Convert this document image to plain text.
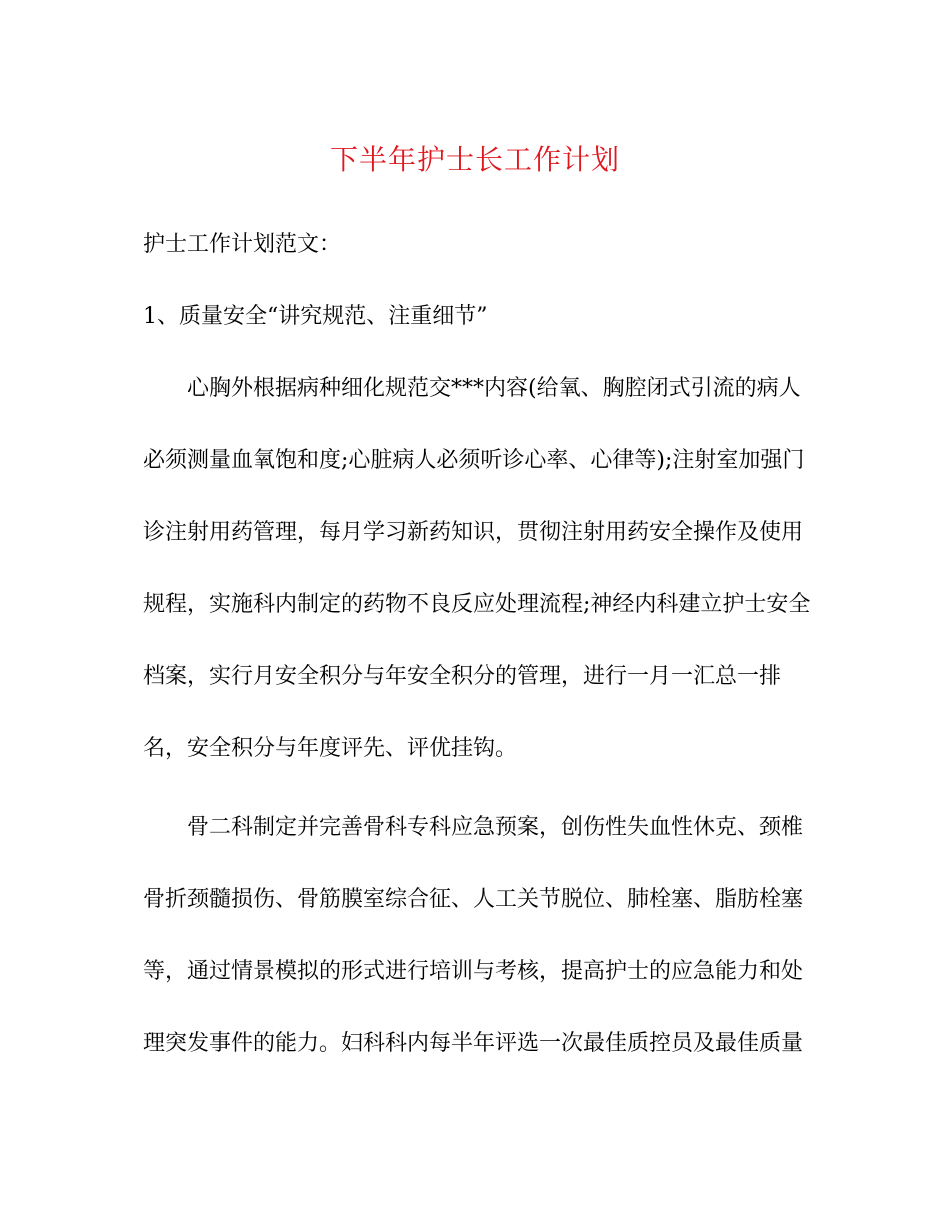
下半年护士长工作计划
护士工作计划范文：
1、质量安全“讲究规范、注重细节”
心胸外根据病种细化规范交***内容(给氧、胸腔闭式引流的病人
必须测量血氧饱和度;心脏病人必须听诊心率、心律等);注射室加强门
诊注射用药管理，每月学习新药知识，贯彻注射用药安全操作及使用
规程，实施科内制定的药物不良反应处理流程;神经内科建立护士安全
档案，实行月安全积分与年安全积分的管理，进行一月一汇总一排
名，安全积分与年度评先、评优挂钩。
骨二科制定并完善骨科专科应急预案，创伤性失血性休克、颈椎
骨折颈髓损伤、骨筋膜室综合征、人工关节脱位、肺栓塞、脂肪栓塞
等，通过情景模拟的形式进行培训与考核，提高护士的应急能力和处
理突发事件的能力。妇科科内每半年评选一次最佳质控员及最佳质量
